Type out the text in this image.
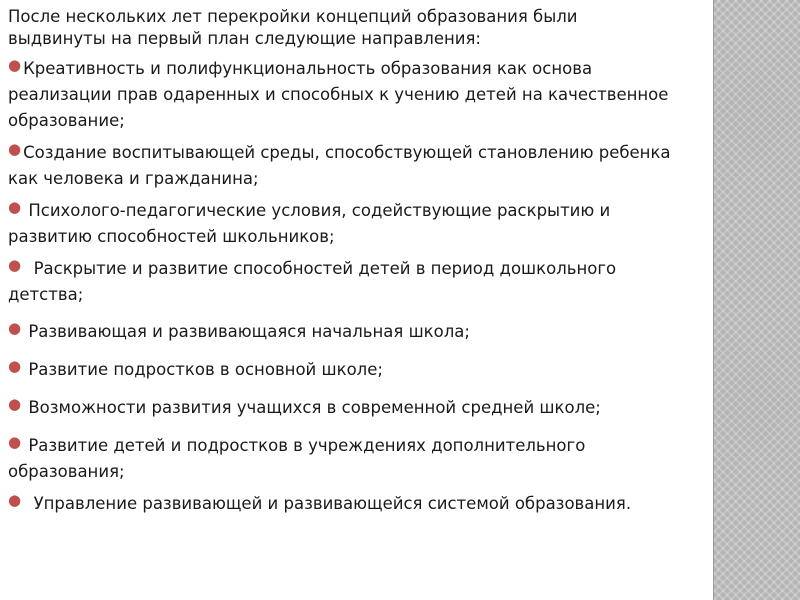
После нескольких лет перекройки концепций образования были
выдвинуты на первый план следующие направления:

● Креативность и полифункциональность образования как основа
реализации прав одаренных и способных к учению детей на качественное
образование;
● Создание воспитывающей среды, способствующей становлению ребенка
как человека и гражданина;
● Психолого-педагогические условия, содействующие раскрытию и
развитию способностей школьников;
●  Раскрытие и развитие способностей детей в период дошкольного
детства;
● Развивающая и развивающаяся начальная школа;
● Развитие подростков в основной школе;
● Возможности развития учащихся в современной средней школе;
● Развитие детей и подростков в учреждениях дополнительного
образования;
●  Управление развивающей и развивающейся системой образования.
